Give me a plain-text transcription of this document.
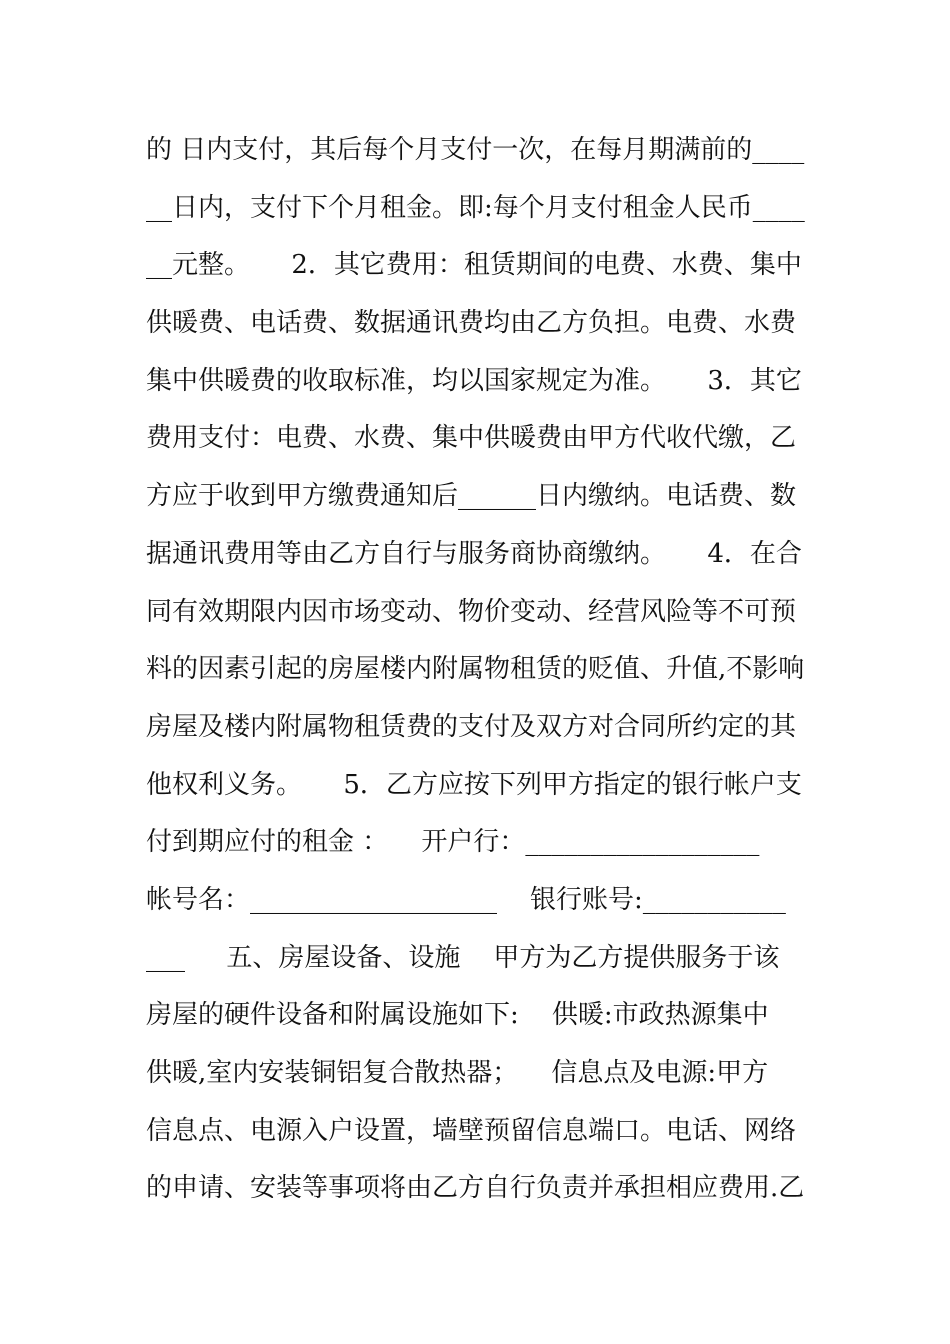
的 日内支付，其后每个月支付一次，在每月期满前的____
__日内，支付下个月租金。即:每个月支付租金人民币____
__元整。     2．其它费用：租赁期间的电费、水费、集中
供暖费、电话费、数据通讯费均由乙方负担。电费、水费
集中供暖费的收取标准，均以国家规定为准。     3．其它
费用支付：电费、水费、集中供暖费由甲方代收代缴，乙
方应于收到甲方缴费通知后______日内缴纳。电话费、数
据通讯费用等由乙方自行与服务商协商缴纳。     4．在合
同有效期限内因市场变动、物价变动、经营风险等不可预
料的因素引起的房屋楼内附属物租赁的贬值、升值,不影响
房屋及楼内附属物租赁费的支付及双方对合同所约定的其
他权利义务。     5．乙方应按下列甲方指定的银行帐户支
付到期应付的租金 ：    开户行：__________________
帐号名：___________________    银行账号:___________
___     五、房屋设备、设施    甲方为乙方提供服务于该
房屋的硬件设备和附属设施如下:    供暖:市政热源集中
供暖,室内安装铜铝复合散热器；    信息点及电源:甲方
信息点、电源入户设置，墙壁预留信息端口。电话、网络
的申请、安装等事项将由乙方自行负责并承担相应费用.乙
